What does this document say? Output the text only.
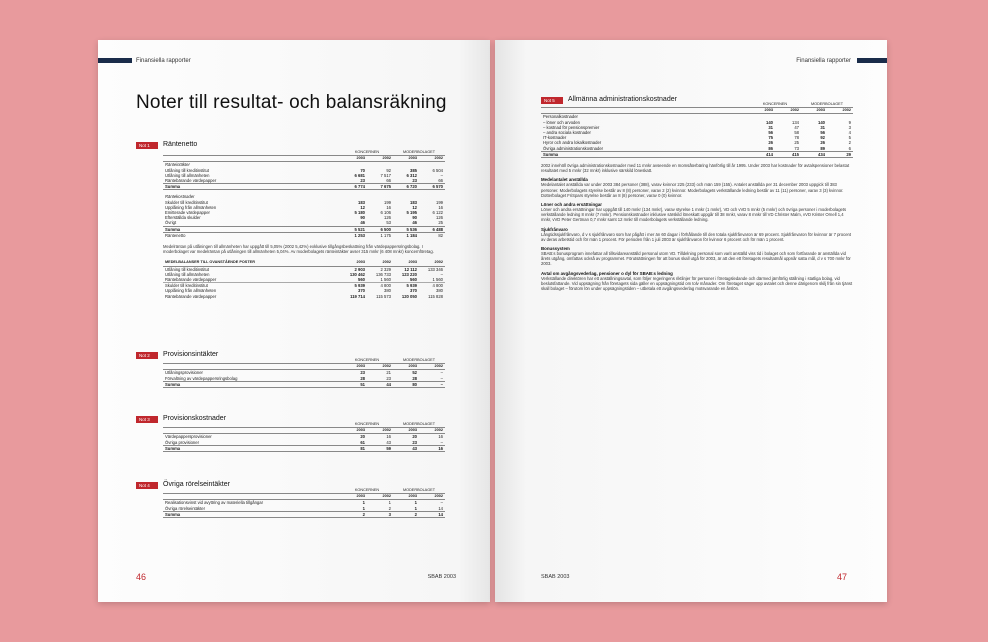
Finansiella rapporter
Noter till resultat- och balansräkning
Not 1	Räntenetto
	KONCERNEN		MODERBOLAGET	
	2003	2002	2003	2002
Ränteintäkter				
Utlåning till kreditinstitut	70	92	385	6 504
Utlåning till allmänheten	6 681	7 517	6 312	–
Räntebärande värdepapper	23	66	23	66
Summa	6 774	7 675	6 720	6 570
Räntekostnader				
Skulder till kreditinstitut	183	199	183	199
Upplåning från allmänheten	12	16	12	16
Emitterade värdepapper	5 180	6 106	5 195	6 122
Efterställda skulder	90	126	90	126
Övrigt	46	53	46	25
Summa	5 521	6 500	5 536	6 488
Räntenetto	1 253	1 175	1 184	82
Medelräntan på utlåningen till allmänheten har uppgått till 5,05% (2002 5,42%) exklusive tillgångsbeskattning från värdepappersringsbolag. I moderbolaget var medelräntan på utlåningen till allmänheten 5,04%. Av moderbolagets ränteintäkter avser 315 mnkr (6 408 mnkr) koncernföretag.
MEDELBALANSER TILL OVANSTÅENDE POSTER	2003	2002	2003	2002
Utlåning till kreditinstitut	2 903	2 329	12 112	133 346
Utlåning till allmänheten	130 462	136 733	123 220	–
Räntebärande värdepapper	560	1 560	560	1 560
Skulder till kreditinstitut	5 939	4 800	5 939	4 800
Upplåning från allmänheten	370	380	370	380
Räntebärande värdepapper	119 714	115 573	120 050	115 828
Not 2	Provisionsintäkter
	KONCERNEN		MODERBOLAGET	
	2003	2002	2003	2002
Utlåningsprovisioner	23	21	52	–
Förvaltning av värdepappersringsbolag	28	23	28	–
Summa	51	44	80	–
Not 3	Provisionskostnader
	KONCERNEN		MODERBOLAGET	
	2003	2002	2003	2002
Värdepappersprovisioner	20	16	20	16
Övriga provisioner	61	43	23	–
Summa	81	59	43	16
Not 4	Övriga rörelseintäkter
	KONCERNEN		MODERBOLAGET	
	2003	2002	2003	2002
Realisationsvinst vid avyttring av materiella tillgångar	1	1	1	–
Övriga rörelseintäkter	1	2	1	14
Summa	2	3	2	14
46	SBAB 2003
Finansiella rapporter
Not 5	Allmänna administrationskostnader
	KONCERNEN		MODERBOLAGET	
	2003	2002	2003	2002
Personalkostnader				
– löner och arvoden	140	134	140	9
– kostnad för pensionspremier	31	47	31	3
– andra sociala kostnader	56	58	56	4
IT-kostnader	75	78	92	5
Hyror och andra lokalkostnader	26	25	26	2
Övriga administrationskostnader	86	73	89	6
Summa	414	415	434	29
2002 innehöll övriga administrationskostnader med 11 mnkr avseende en momsåterbäring hänförlig till år 1995. Under 2003 har kostnader för avtalspensioner belastat resultatet med 5 mnkr (32 mnkr) inklusive särskild löneskatt.
Medelantalet anställda
Medelantalet anställda var under 2003 384 personer (388), varav kvinnor 225 (233) och män 159 (155). Antalet anställda per 31 december 2003 uppgick till 383 personer. Moderbolagets styrelse består av 8 (8) personer, varav 2 (2) kvinnor. Moderbolagets verkställande ledning består av 11 (11) personer, varav 3 (3) kvinnor. Dotterbolaget FriSpars styrelse består av 8 (8) personer, varav 0 (0) kvinnor.
Löner och andra ersättningar
Löner och andra ersättningar har uppgått till 140 mnkr (134 mnkr), varav styrelse 1 mnkr (1 mnkr), VD och vVD 5 mnkr (5 mnkr) och övriga personer i moderbolagets verkställande ledning 8 mnkr (7 mnkr). Pensionskostnader inklusive särskild löneskatt uppgår till 38 mnkr, varav 8 mnkr till VD Christer Malm, vVD Krister Ornell 1,4 mnkr, vVD Peter Gertman 0,7 mnkr samt 12 mnkr till moderbolagets verkställande ledning.
Sjukfrånvaro
Långtidssjukfrånvaro, d v s sjukfrånvaro som har pågått i mer än 60 dagar i förhållande till den totala sjukfrånvaron är 69 procent. Sjukfrånvaron för kvinnor är 7 procent av deras arbetstid och för män 1 procent. För perioden från 1 juli 2003 är sjukfrånvaron för kvinnor 6 procent och för män 1 procent.
Bonussystem
SBAB:s bonusprogram innefattar all tillsvidareanställd personal utom VD. Tilldelning personal som varit anställd viss tid i bolaget och som fortfarande är anställda vid årets utgång, omfattas också av programmet. Förutsättningen för att bonus skall utgå för 2003, är att den ett företagets resultatmål uppnår satta mål, d v s 700 mnkr för 2003.
Avtal om avgångsvederlag, pensioner o dyl för SBAB:s ledning
Verkställande direktören har ett anställningsavtal, som följer regeringens riktlinjer för personer i företagsledande och därmed jämförlig ställning i statliga bolag, vid beslutsfattande. Vid uppsägning från företagets sida gäller en uppsägningstid om tolv månader. Om företaget säger upp avtalet och denne därigenom skilj från sin tjänst skall bolaget – förutom lön under uppsägningstiden – utbetala ett avgångsvederlag motsvarande en årslön.
SBAB 2003	47
